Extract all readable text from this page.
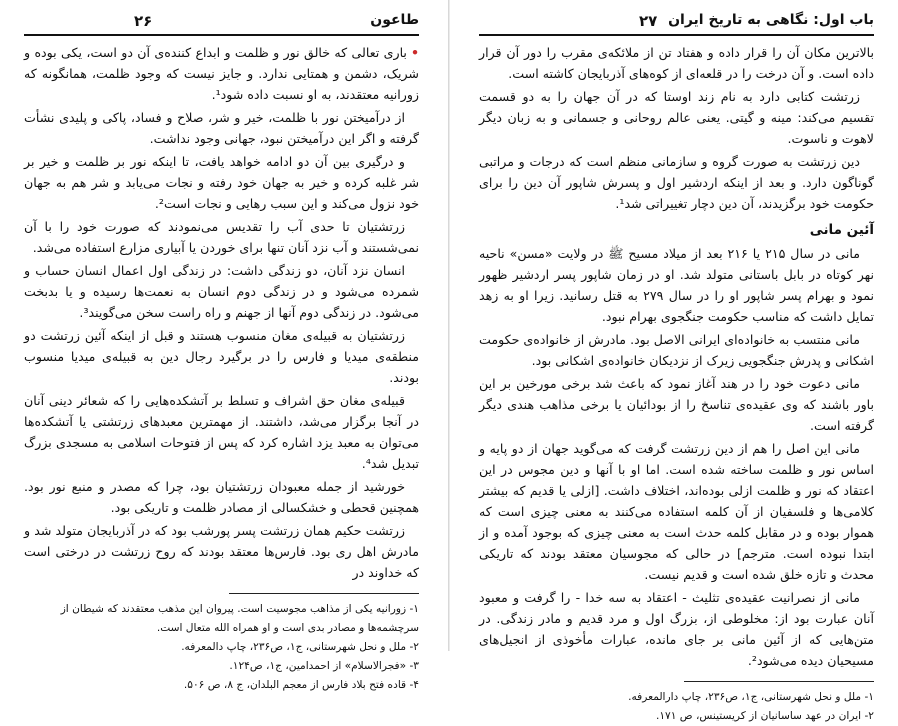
طاعون
۲۶

•باری تعالی که خالق نور و ظلمت و ابداع کننده‌ی آن دو است، یکی بوده و شریک، دشمن و همتایی ندارد. و جایز نیست که وجود ظلمت، همانگونه که زورانیه معتقدند، به او نسبت داده شود¹.

از درآمیختن نور با ظلمت، خیر و شر، صلاح و فساد، پاکی و پلیدی نشأت گرفته و اگر این درآمیختن نبود، جهانی وجود نداشت.

و درگیری بین آن دو ادامه خواهد یافت، تا اینکه نور بر ظلمت و خیر بر شر غلبه کرده و خیر به جهان خود رفته و نجات می‌یابد و شر هم به جهان خود نزول می‌کند و این سبب رهایی و نجات است².

زرتشتیان تا حدی آب را تقدیس می‌نمودند که صورت خود را با آن نمی‌شستند و آب نزد آنان تنها برای خوردن یا آبیاری مزارع استفاده می‌شد.

انسان نزد آنان، دو زندگی داشت: در زندگی اول اعمال انسان حساب و شمرده می‌شود و در زندگی دوم انسان به نعمت‌ها رسیده و یا بدبخت می‌شود. در زندگی دوم آنها از جهنم و راه راست سخن می‌گویند³.

زرتشتیان به قبیله‌ی مغان منسوب هستند و قبل از اینکه آئین زرتشت دو منطقه‌ی میدیا و فارس را در برگیرد رجال دین به قبیله‌ی میدیا منسوب بودند.

قبیله‌ی مغان حق اشراف و تسلط بر آتشکده‌هایی را که شعائر دینی آنان در آنجا برگزار می‌شد، داشتند. از مهمترین معبدهای زرتشتی یا آتشکده‌ها می‌توان به معبد یزد اشاره کرد که پس از فتوحات اسلامی به مسجدی بزرگ تبدیل شد⁴.

خورشید از جمله معبودان زرتشتیان بود، چرا که مصدر و منبع نور بود. همچنین قحطی و خشکسالی از مصادر ظلمت و تاریکی بود.

زرتشت حکیم همان زرتشت پسر پورشب بود که در آذربایجان متولد شد و مادرش اهل ری بود. فارس‌ها معتقد بودند که روح زرتشت در درختی است که خداوند در

۱- زورانیه یکی از مذاهب مجوسیت است. پیروان این مذهب معتقدند که شیطان از سرچشمه‌ها و مصادر بدی است و او همراه الله متعال است.
۲- ملل و نحل شهرستانی، ج۱، ص۲۳۶، چاپ دالمعرفه.
۳- «فجرالاسلام» از احمدامین، ج۱، ص۱۲۴.
۴- قاده فتح بلاد فارس از معجم البلدان، ج ۸، ص ۵۰۶.
باب اول: نگاهی به تاریخ ایران
۲۷

بالاترین مکان آن را قرار داده و هفتاد تن از ملائکه‌ی مقرب را دور آن قرار داده است. و آن درخت را در قلعه‌ای از کوه‌های آذربایجان کاشته است.

زرتشت کتابی دارد به نام زند اوستا که در آن جهان را به دو قسمت تقسیم می‌کند: مینه و گیتی. یعنی عالم روحانی و جسمانی و به زبان دیگر لاهوت و ناسوت.

دین زرتشت به صورت گروه و سازمانی منظم است که درجات و مراتبی گوناگون دارد. و بعد از اینکه اردشیر اول و پسرش شاپور آن دین را برای حکومت خود برگزیدند، آن دین دچار تغییراتی شد¹.

آئین مانی

مانی در سال ۲۱۵ یا ۲۱۶ بعد از میلاد مسیح ﷺ در ولایت «مسن» ناحیه نهر کوتاه در بابل باستانی متولد شد. او در زمان شاپور پسر اردشیر ظهور نمود و بهرام پسر شاپور او را در سال ۲۷۹ به قتل رسانید. زیرا او به زهد تمایل داشت که مناسب حکومت جنگجوی بهرام نبود.

مانی منتسب به خانواده‌ای ایرانی الاصل بود. مادرش از خانواده‌ی حکومت اشکانی و پدرش جنگجویی زیرک از نزدیکان خانواده‌ی اشکانی بود.

مانی دعوت خود را در هند آغاز نمود که باعث شد برخی مورخین بر این باور باشند که وی عقیده‌ی تناسخ را از بودائیان یا برخی مذاهب هندی دیگر گرفته است.

مانی این اصل را هم از دین زرتشت گرفت که می‌گوید جهان از دو پایه و اساس نور و ظلمت ساخته شده است. اما او با آنها و دین مجوس در این اعتقاد که نور و ظلمت ازلی بوده‌اند، اختلاف داشت. [ازلی یا قدیم که بیشتر کلامی‌ها و فلسفیان از آن کلمه استفاده می‌کنند به معنی چیزی است که هموار بوده و در مقابل کلمه حدث است به معنی چیزی که بوجود آمده و از ابتدا نبوده است. مترجم] در حالی که مجوسیان معتقد بودند که تاریکی محدث و تازه خلق شده است و قدیم نیست.

مانی از نصرانیت عقیده‌ی تثلیث - اعتقاد به سه خدا - را گرفت و معبود آنان عبارت بود از: مخلوطی از، بزرگ اول و مرد قدیم و مادر زندگی. در متن‌هایی که از آئین مانی بر جای مانده، عبارات مأخوذی از انجیل‌های مسیحیان دیده می‌شود².

۱- ملل و نحل شهرستانی، ج۱، ص۲۳۶، چاپ دارالمعرفه.
۲- ایران در عهد ساسانیان از کریستینس، ص ۱۷۱.
